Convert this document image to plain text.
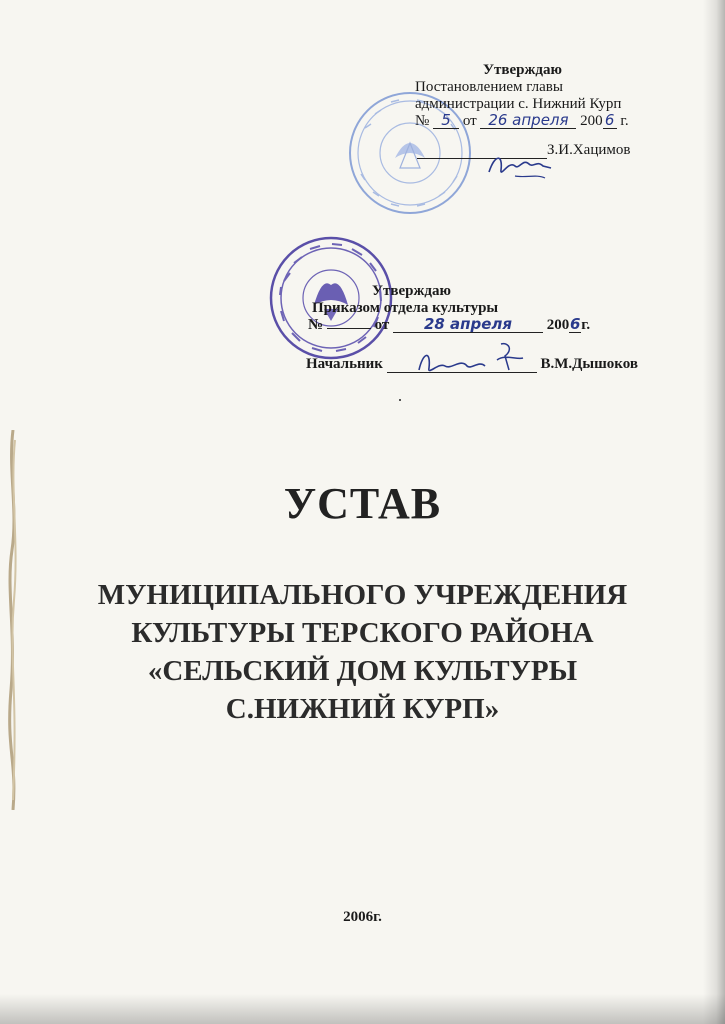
Утверждаю
Постановлением главы
администрации с. Нижний Курп
№ 5 от 26 апреля 200 6 г.
З.И.Хацимов
Утверждаю
Приказом отдела культуры
№	от 28 апреля 2006г.
Начальник	В.М.Дышоков
УСТАВ
МУНИЦИПАЛЬНОГО УЧРЕЖДЕНИЯ КУЛЬТУРЫ ТЕРСКОГО РАЙОНА «СЕЛЬСКИЙ ДОМ КУЛЬТУРЫ С.НИЖНИЙ КУРП»
2006г.
